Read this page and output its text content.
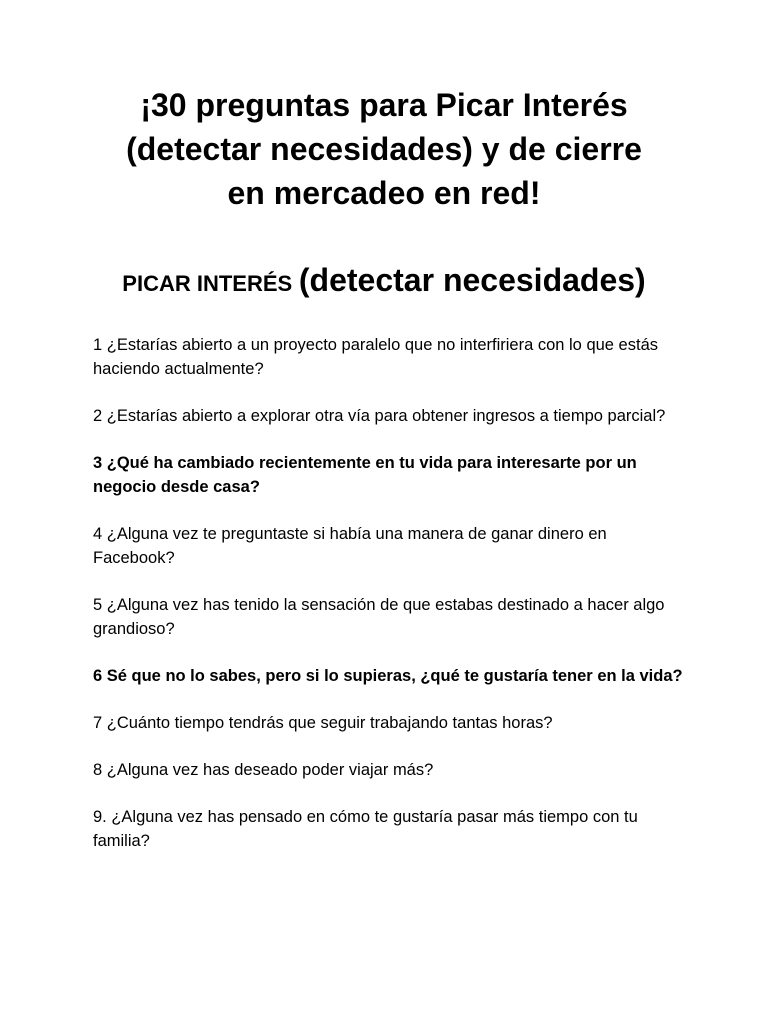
¡30 preguntas para Picar Interés
(detectar necesidades) y de cierre
en mercadeo en red!
PICAR INTERÉS (detectar necesidades)
1 ¿Estarías abierto a un proyecto paralelo que no interfiriera con lo que estás haciendo actualmente?
2 ¿Estarías abierto a explorar otra vía para obtener ingresos a tiempo parcial?
3 ¿Qué ha cambiado recientemente en tu vida para interesarte por un negocio desde casa?
4 ¿Alguna vez te preguntaste si había una manera de ganar dinero en Facebook?
5 ¿Alguna vez has tenido la sensación de que estabas destinado a hacer algo grandioso?
6 Sé que no lo sabes, pero si lo supieras, ¿qué te gustaría tener en la vida?
7 ¿Cuánto tiempo tendrás que seguir trabajando tantas horas?
8 ¿Alguna vez has deseado poder viajar más?
9. ¿Alguna vez has pensado en cómo te gustaría pasar más tiempo con tu familia?
